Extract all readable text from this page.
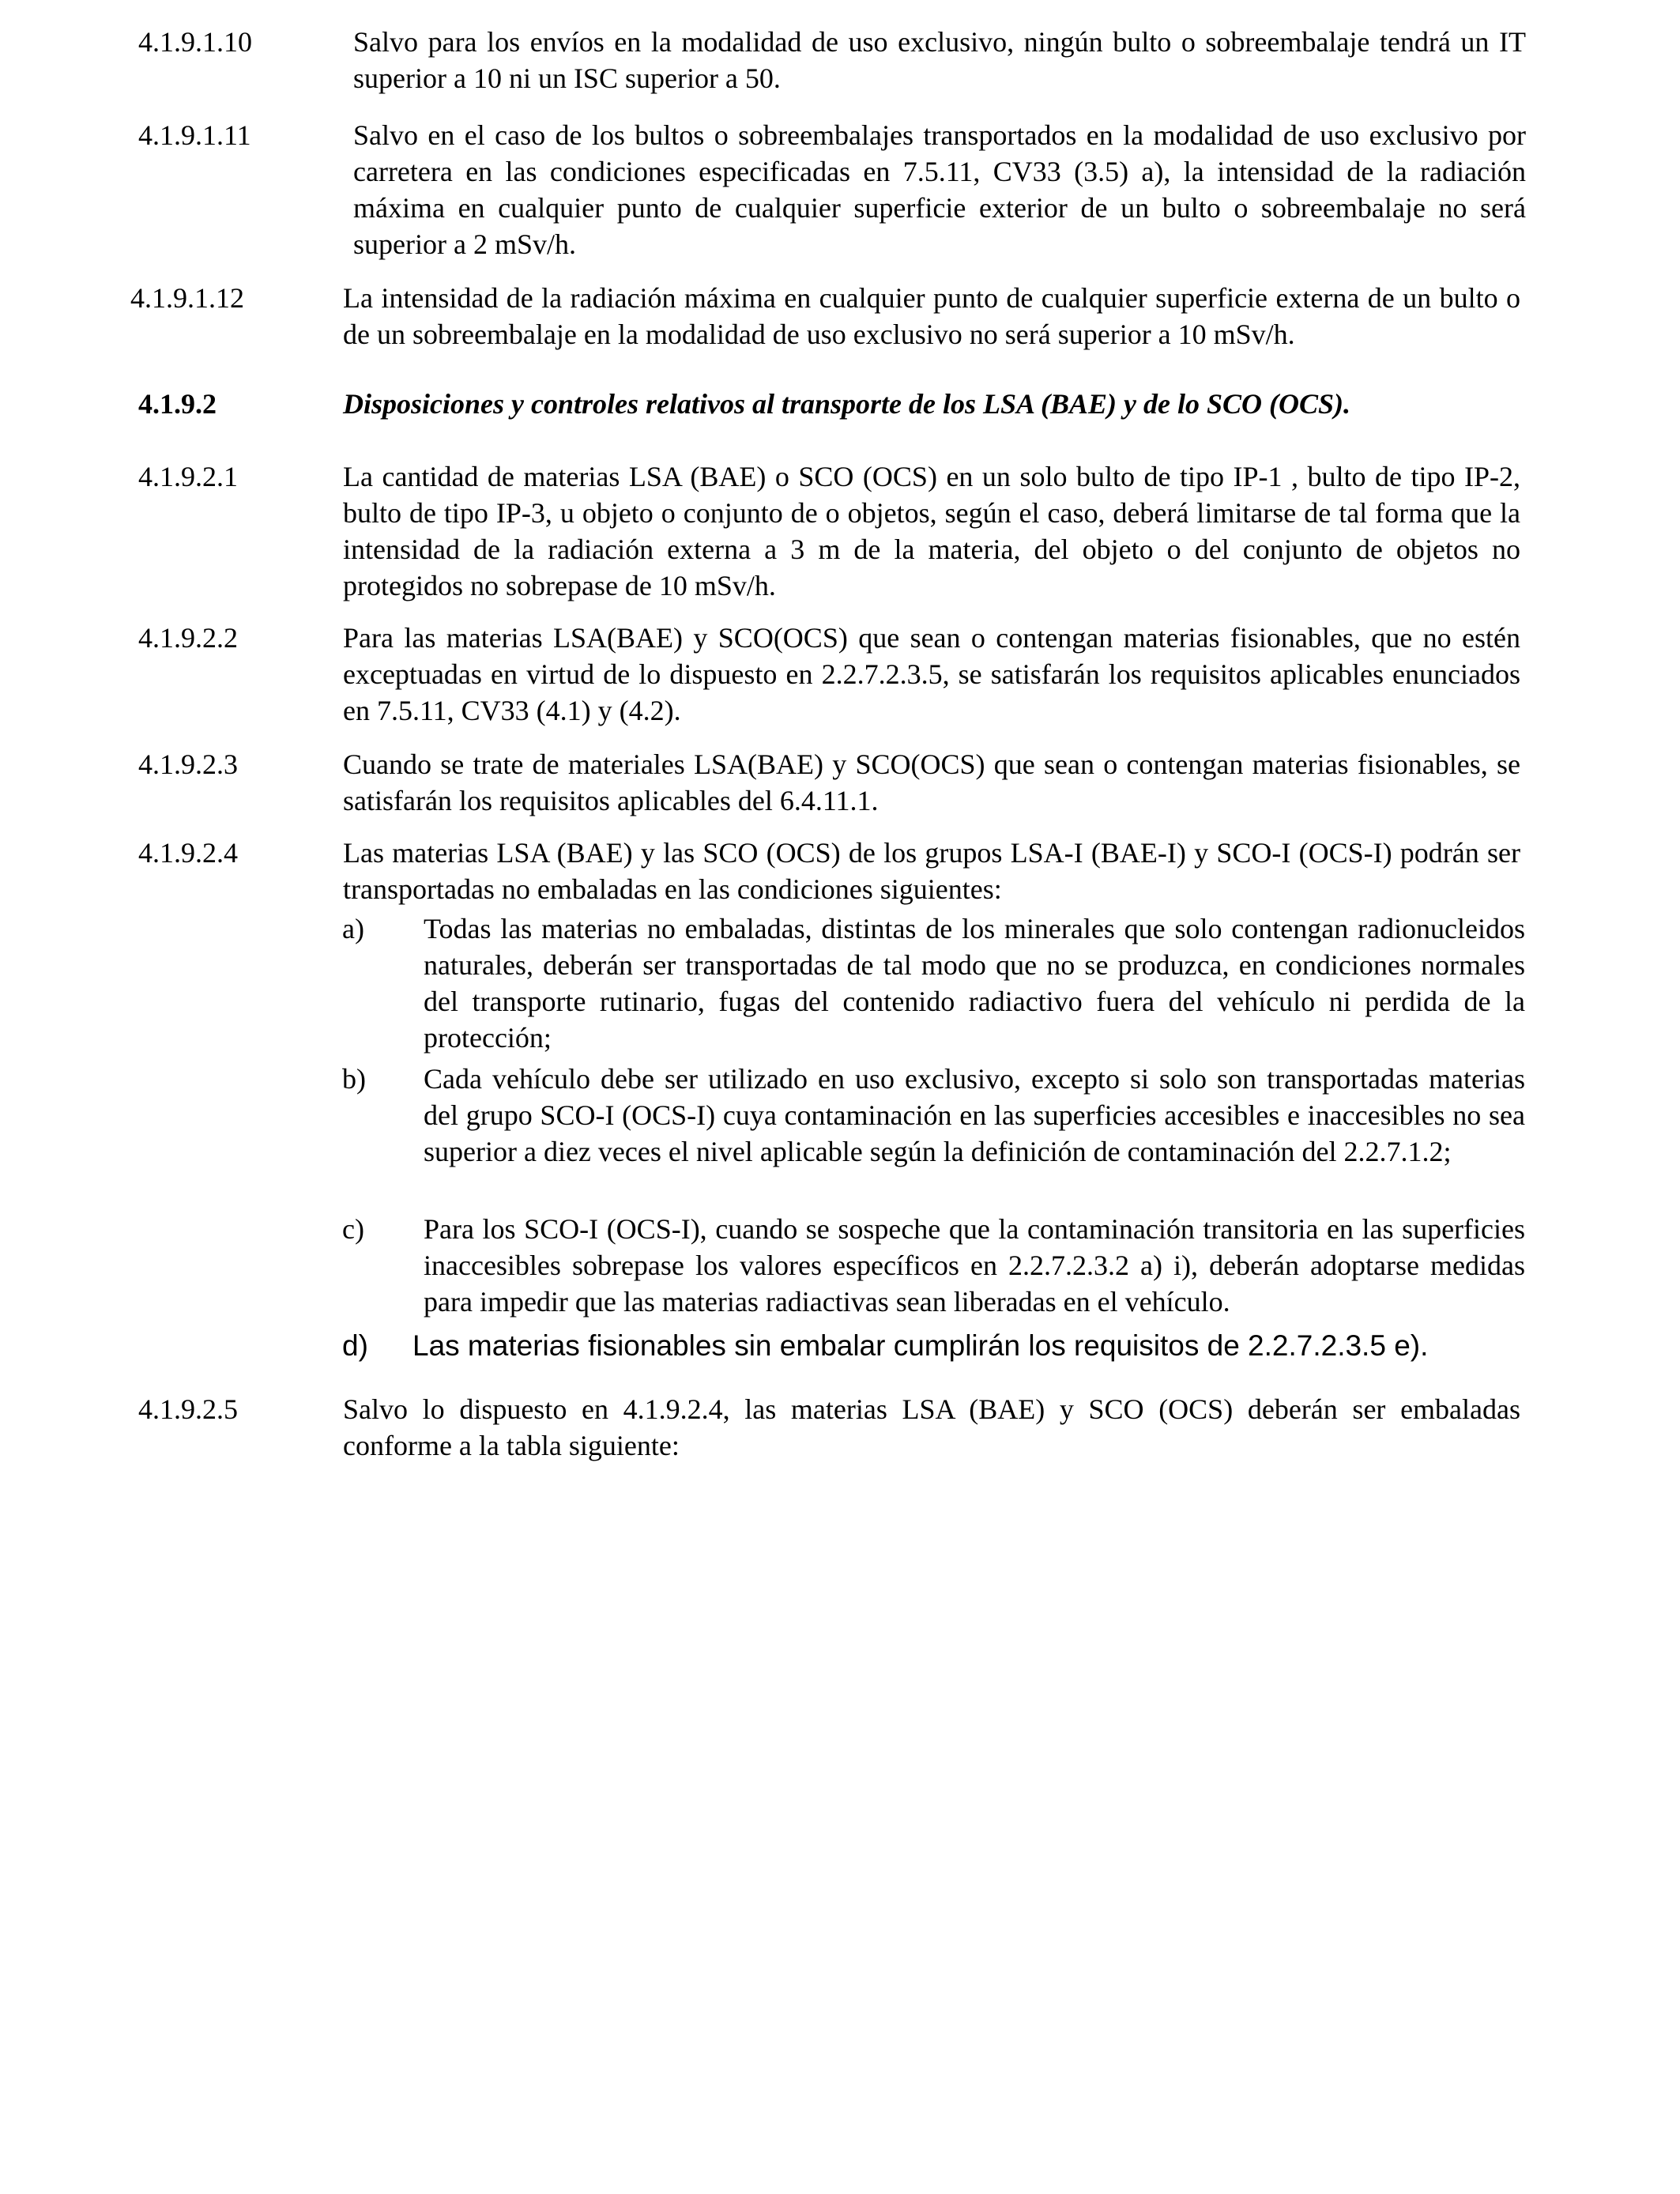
4.1.9.1.10	Salvo para los envíos en la modalidad de uso exclusivo, ningún bulto o sobreembalaje tendrá un IT superior a 10 ni un ISC superior a 50.
4.1.9.1.11	Salvo en el caso de los bultos o sobreembalajes transportados en la modalidad de uso exclusivo por carretera en las condiciones especificadas en 7.5.11, CV33 (3.5) a), la intensidad de la radiación máxima en cualquier punto de cualquier superficie exterior de un bulto o sobreembalaje no será superior a 2 mSv/h.
4.1.9.1.12	La intensidad de la radiación máxima en cualquier punto de cualquier superficie externa de un bulto o de un sobreembalaje en la modalidad de uso exclusivo no será superior a 10 mSv/h.
4.1.9.2	Disposiciones y controles relativos al transporte de los LSA (BAE) y de lo SCO (OCS).
4.1.9.2.1	La cantidad de materias LSA (BAE) o SCO (OCS) en un solo bulto de tipo IP-1 , bulto de tipo IP-2, bulto de tipo IP-3, u objeto o conjunto de o objetos, según el caso, deberá limitarse de tal forma que la intensidad de la radiación externa a 3 m de la materia, del objeto o del conjunto de objetos no protegidos no sobrepase de 10 mSv/h.
4.1.9.2.2	Para las materias LSA(BAE) y SCO(OCS) que sean o contengan materias fisionables, que no estén exceptuadas en virtud de lo dispuesto en 2.2.7.2.3.5, se satisfarán los requisitos aplicables enunciados en 7.5.11, CV33 (4.1) y (4.2).
4.1.9.2.3	Cuando se trate de materiales LSA(BAE) y SCO(OCS) que sean o contengan materias fisionables, se satisfarán los requisitos aplicables del 6.4.11.1.
4.1.9.2.4	Las materias LSA (BAE) y las SCO (OCS) de los grupos LSA-I (BAE-I) y SCO-I (OCS-I) podrán ser transportadas no embaladas en las condiciones siguientes:
a) Todas las materias no embaladas, distintas de los minerales que solo contengan radionucleidos naturales, deberán ser transportadas de tal modo que no se produzca, en condiciones normales del transporte rutinario, fugas del contenido radiactivo fuera del vehículo ni perdida de la protección;
b) Cada vehículo debe ser utilizado en uso exclusivo, excepto si solo son transportadas materias del grupo SCO-I (OCS-I) cuya contaminación en las superficies accesibles e inaccesibles no sea superior a diez veces el nivel aplicable según la definición de contaminación del 2.2.7.1.2;
c) Para los SCO-I (OCS-I), cuando se sospeche que la contaminación transitoria en las superficies inaccesibles sobrepase los valores específicos en 2.2.7.2.3.2 a) i), deberán adoptarse medidas para impedir que las materias radiactivas sean liberadas en el vehículo.
d) Las materias fisionables sin embalar cumplirán los requisitos de 2.2.7.2.3.5 e).
4.1.9.2.5	Salvo lo dispuesto en 4.1.9.2.4, las materias LSA (BAE) y SCO (OCS) deberán ser embaladas conforme a la tabla siguiente:
